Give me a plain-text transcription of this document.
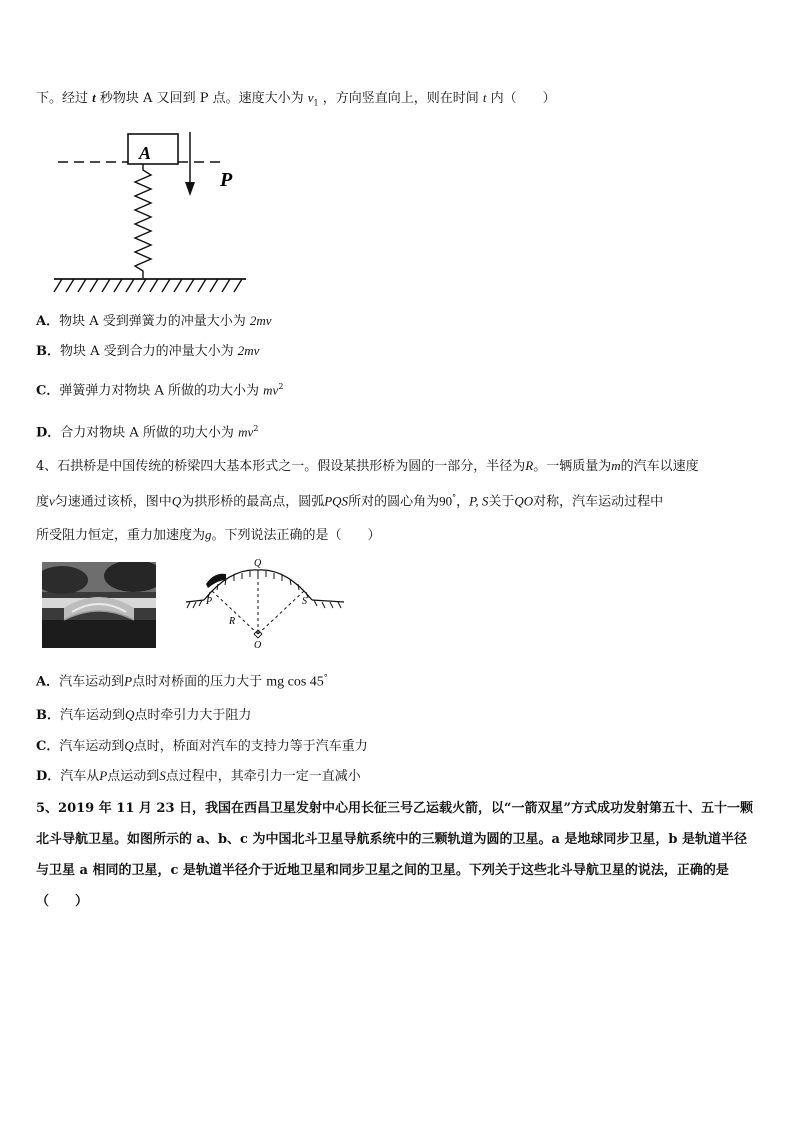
下。经过 t 秒物块 A 又回到 P 点。速度大小为 $v_1$ ，方向竖直向上，则在时间 t 内（　　）
A
P
A．物块 A 受到弹簧力的冲量大小为 2mv
B．物块 A 受到合力的冲量大小为 2mv
C．弹簧弹力对物块 A 所做的功大小为 $mv^2$
D．合力对物块 A 所做的功大小为 $mv^2$
4、石拱桥是中国传统的桥梁四大基本形式之一。假设某拱形桥为圆的一部分，半径为R。一辆质量为m的汽车以速度

度v匀速通过该桥，图中Q为拱形桥的最高点，圆弧PQS所对的圆心角为90°，P, S关于QO对称，汽车运动过程中
所受阻力恒定，重力加速度为g。下列说法正确的是（　　）
Q
P	S
R
O
A．汽车运动到P点时对桥面的压力大于 mg cos 45°
B．汽车运动到Q点时牵引力大于阻力
C．汽车运动到Q点时，桥面对汽车的支持力等于汽车重力
D．汽车从P点运动到S点过程中，其牵引力一定一直减小
5、2019 年 11 月 23 日，我国在西昌卫星发射中心用长征三号乙运载火箭，以“一箭双星”方式成功发射第五十、五十一颗北斗导航卫星。如图所示的 a、b、c 为中国北斗卫星导航系统中的三颗轨道为圆的卫星。a 是地球同步卫星，b 是轨道半径与卫星 a 相同的卫星，c 是轨道半径介于近地卫星和同步卫星之间的卫星。下列关于这些北斗导航卫星的说法，正确的是（　　）
